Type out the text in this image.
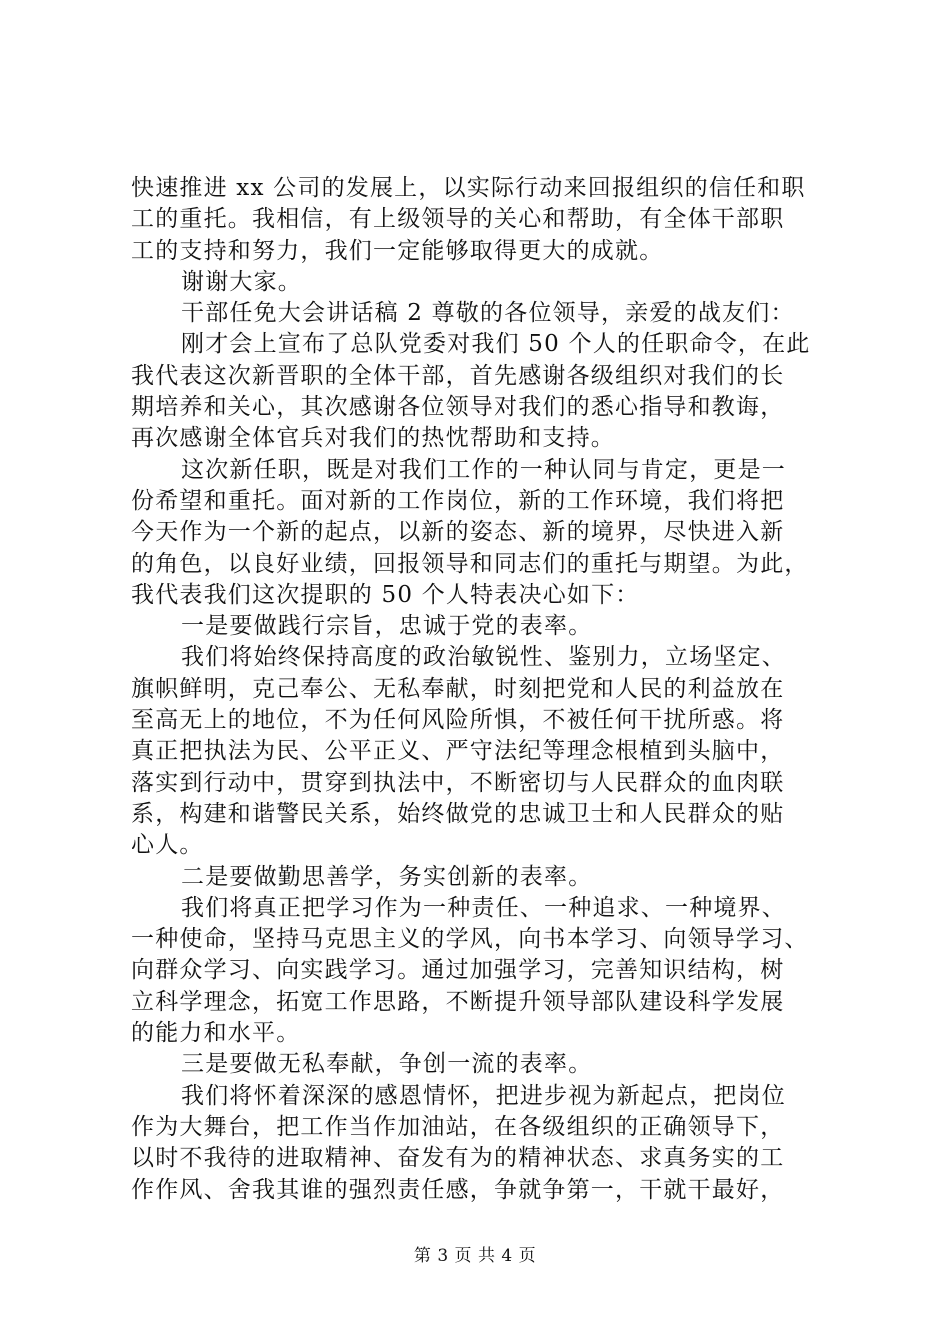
快速推进 xx 公司的发展上，以实际行动来回报组织的信任和职
工的重托。我相信，有上级领导的关心和帮助，有全体干部职
工的支持和努力，我们一定能够取得更大的成就。
谢谢大家。
干部任免大会讲话稿 2 尊敬的各位领导，亲爱的战友们：
刚才会上宣布了总队党委对我们 50 个人的任职命令，在此
我代表这次新晋职的全体干部，首先感谢各级组织对我们的长
期培养和关心，其次感谢各位领导对我们的悉心指导和教诲，
再次感谢全体官兵对我们的热忱帮助和支持。
这次新任职，既是对我们工作的一种认同与肯定，更是一
份希望和重托。面对新的工作岗位，新的工作环境，我们将把
今天作为一个新的起点，以新的姿态、新的境界，尽快进入新
的角色，以良好业绩，回报领导和同志们的重托与期望。为此，
我代表我们这次提职的 50 个人特表决心如下：
一是要做践行宗旨，忠诚于党的表率。
我们将始终保持高度的政治敏锐性、鉴别力，立场坚定、
旗帜鲜明，克己奉公、无私奉献，时刻把党和人民的利益放在
至高无上的地位，不为任何风险所惧，不被任何干扰所惑。将
真正把执法为民、公平正义、严守法纪等理念根植到头脑中，
落实到行动中，贯穿到执法中，不断密切与人民群众的血肉联
系，构建和谐警民关系，始终做党的忠诚卫士和人民群众的贴
心人。
二是要做勤思善学，务实创新的表率。
我们将真正把学习作为一种责任、一种追求、一种境界、
一种使命，坚持马克思主义的学风，向书本学习、向领导学习、
向群众学习、向实践学习。通过加强学习，完善知识结构，树
立科学理念，拓宽工作思路，不断提升领导部队建设科学发展
的能力和水平。
三是要做无私奉献，争创一流的表率。
我们将怀着深深的感恩情怀，把进步视为新起点，把岗位
作为大舞台，把工作当作加油站，在各级组织的正确领导下，
以时不我待的进取精神、奋发有为的精神状态、求真务实的工
作作风、舍我其谁的强烈责任感，争就争第一，干就干最好，
第 3 页 共 4 页
